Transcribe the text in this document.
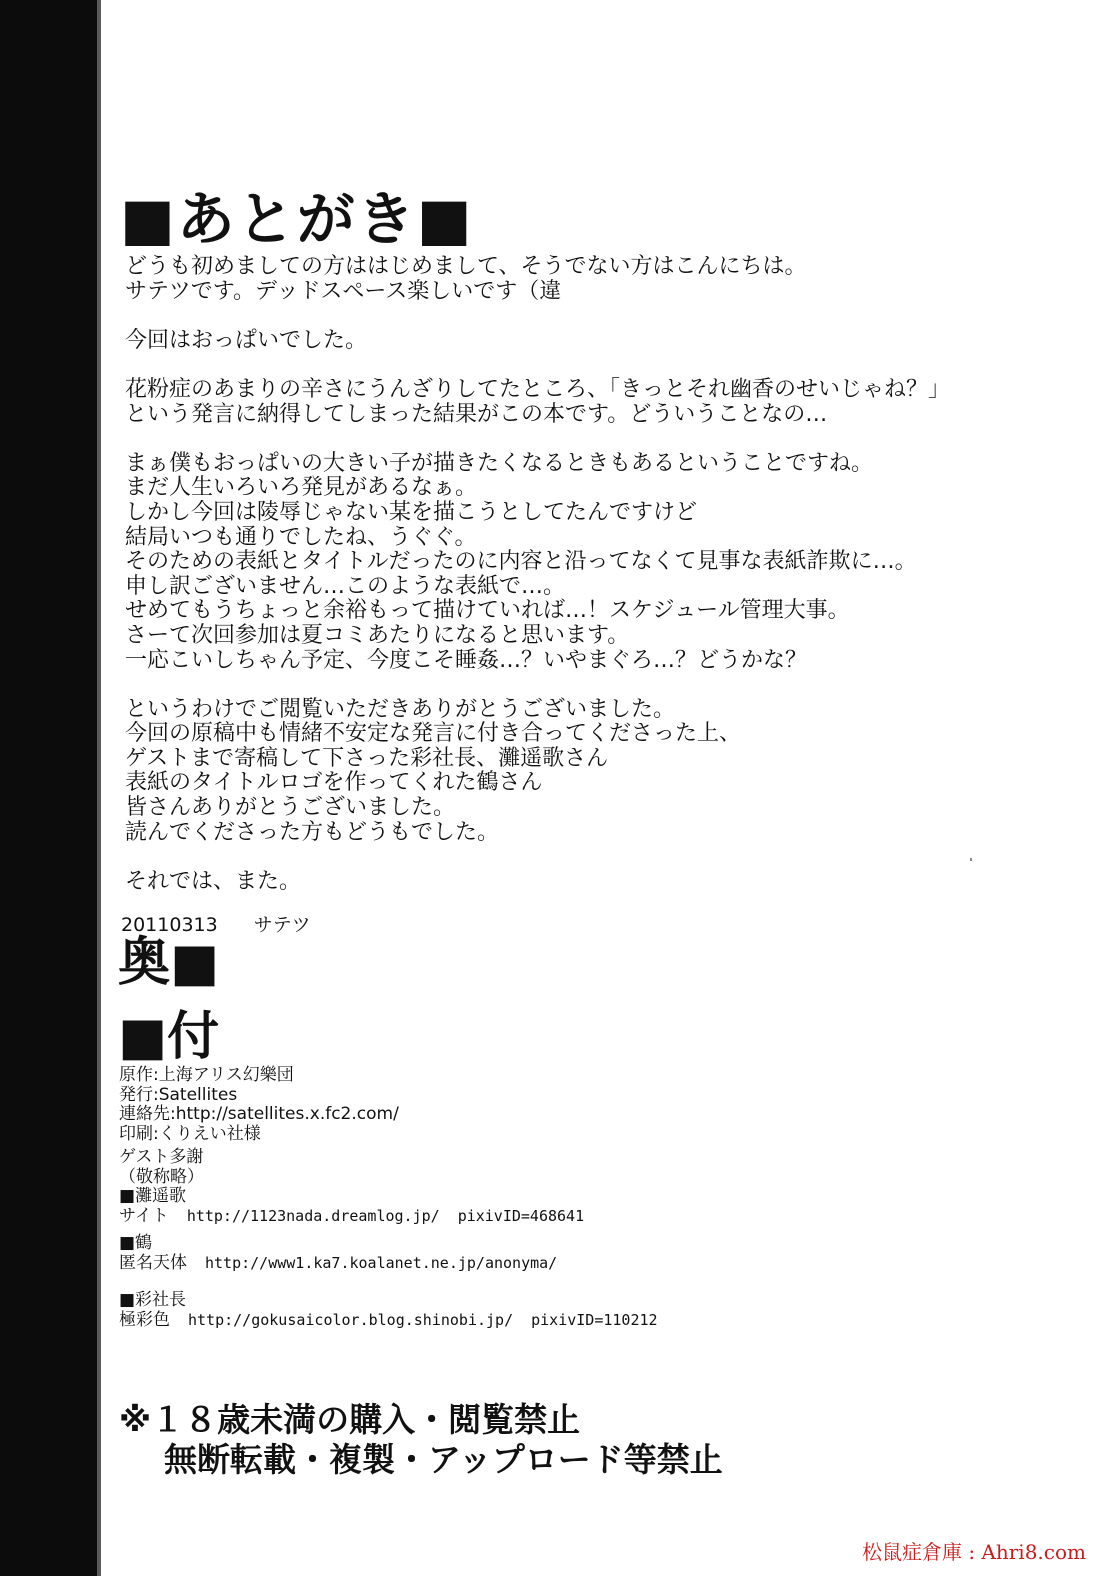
■あとがき■

どうも初めましての方ははじめまして、そうでない方はこんにちは。
サテツです。デッドスペース楽しいです（違

今回はおっぱいでした。

花粉症のあまりの辛さにうんざりしてたところ、「きっとそれ幽香のせいじゃね？」
という発言に納得してしまった結果がこの本です。どういうことなの…

まぁ僕もおっぱいの大きい子が描きたくなるときもあるということですね。
まだ人生いろいろ発見があるなぁ。
しかし今回は陵辱じゃない某を描こうとしてたんですけど
結局いつも通りでしたね、うぐぐ。
そのための表紙とタイトルだったのに内容と沿ってなくて見事な表紙詐欺に…。
申し訳ございません…このような表紙で…。
せめてもうちょっと余裕もって描けていれば…！スケジュール管理大事。
さーて次回参加は夏コミあたりになると思います。
一応こいしちゃん予定、今度こそ睡姦…？いやまぐろ…？どうかな？

というわけでご閲覧いただきありがとうございました。
今回の原稿中も情緒不安定な発言に付き合ってくださった上、
ゲストまで寄稿して下さった彩社長、灘遥歌さん
表紙のタイトルロゴを作ってくれた鶴さん
皆さんありがとうございました。
読んでくださった方もどうもでした。

それでは、また。

20110313 サテツ
奥■
■付
原作:上海アリス幻樂団
発行:Satellites
連絡先:http://satellites.x.fc2.com/
印刷:くりえい社様
ゲスト多謝
（敬称略）
■灘遥歌
サイト http://1123nada.dreamlog.jp/ pixivID=468641
■鶴
匿名天体 http://www1.ka7.koalanet.ne.jp/anonyma/
■彩社長
極彩色 http://gokusaicolor.blog.shinobi.jp/ pixivID=110212
※１８歳未満の購入・閲覧禁止
無断転載・複製・アップロード等禁止
松鼠症倉庫 : Ahri8.com
